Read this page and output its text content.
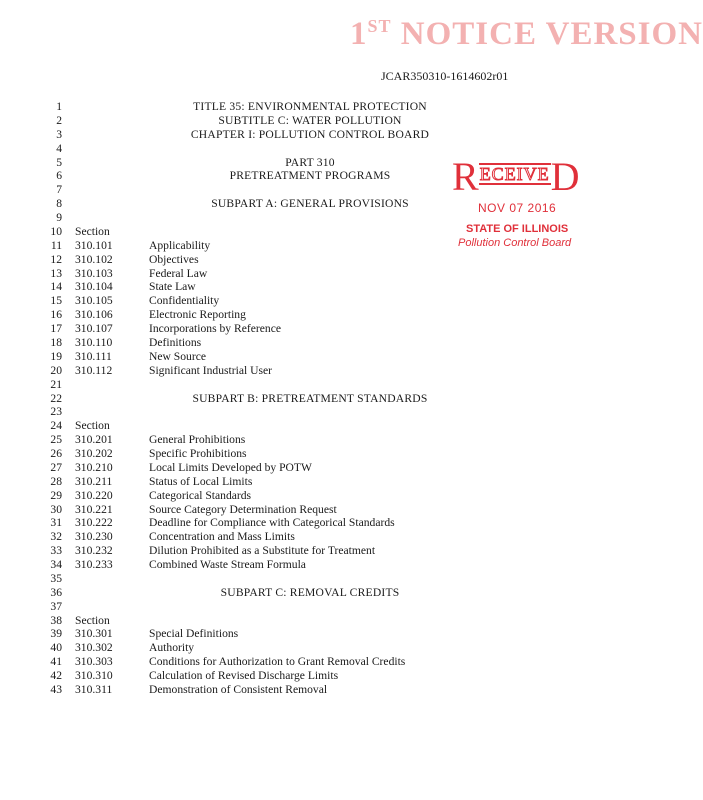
1ST NOTICE VERSION
JCAR350310-1614602r01
RECEIVED
NOV 07 2016
STATE OF ILLINOIS
Pollution Control Board
1	TITLE 35: ENVIRONMENTAL PROTECTION
2	SUBTITLE C: WATER POLLUTION
3	CHAPTER I: POLLUTION CONTROL BOARD
4
5	PART 310
6	PRETREATMENT PROGRAMS
7
8	SUBPART A: GENERAL PROVISIONS
9
10 Section
11 310.101	Applicability
12 310.102	Objectives
13 310.103	Federal Law
14 310.104	State Law
15 310.105	Confidentiality
16 310.106	Electronic Reporting
17 310.107	Incorporations by Reference
18 310.110	Definitions
19 310.111	New Source
20 310.112	Significant Industrial User
21
22	SUBPART B: PRETREATMENT STANDARDS
23
24 Section
25 310.201	General Prohibitions
26 310.202	Specific Prohibitions
27 310.210	Local Limits Developed by POTW
28 310.211	Status of Local Limits
29 310.220	Categorical Standards
30 310.221	Source Category Determination Request
31 310.222	Deadline for Compliance with Categorical Standards
32 310.230	Concentration and Mass Limits
33 310.232	Dilution Prohibited as a Substitute for Treatment
34 310.233	Combined Waste Stream Formula
35
36	SUBPART C: REMOVAL CREDITS
37
38 Section
39 310.301	Special Definitions
40 310.302	Authority
41 310.303	Conditions for Authorization to Grant Removal Credits
42 310.310	Calculation of Revised Discharge Limits
43 310.311	Demonstration of Consistent Removal
